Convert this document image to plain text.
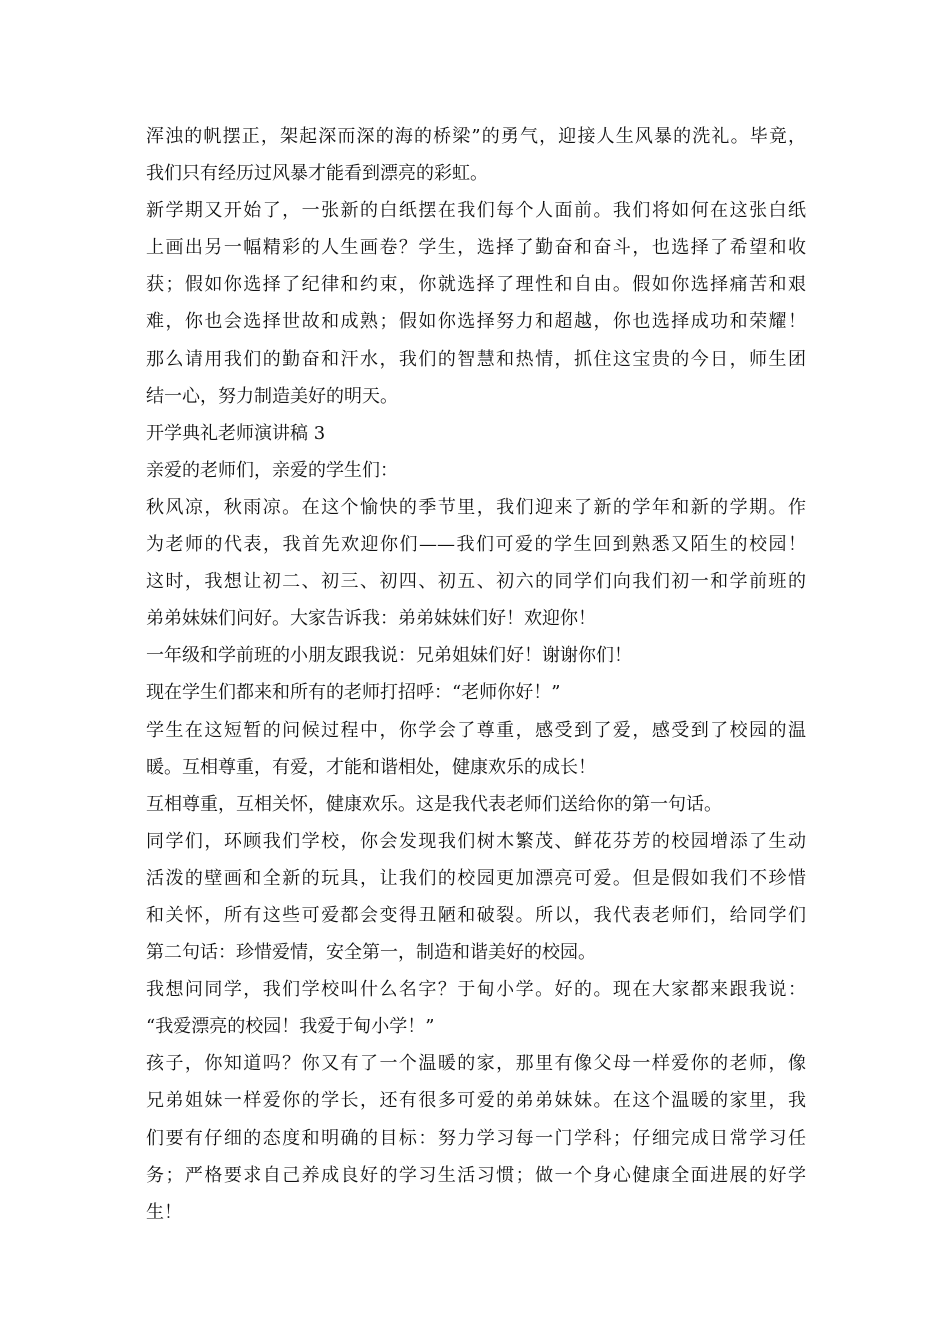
浑浊的帆摆正，架起深而深的海的桥梁”的勇气，迎接人生风暴的洗礼。毕竟，
我们只有经历过风暴才能看到漂亮的彩虹。
新学期又开始了，一张新的白纸摆在我们每个人面前。我们将如何在这张白纸
上画出另一幅精彩的人生画卷？学生，选择了勤奋和奋斗，也选择了希望和收
获；假如你选择了纪律和约束，你就选择了理性和自由。假如你选择痛苦和艰
难，你也会选择世故和成熟；假如你选择努力和超越，你也选择成功和荣耀！
那么请用我们的勤奋和汗水，我们的智慧和热情，抓住这宝贵的今日，师生团
结一心，努力制造美好的明天。
开学典礼老师演讲稿 3
亲爱的老师们，亲爱的学生们：
秋风凉，秋雨凉。在这个愉快的季节里，我们迎来了新的学年和新的学期。作
为老师的代表，我首先欢迎你们——我们可爱的学生回到熟悉又陌生的校园！
这时，我想让初二、初三、初四、初五、初六的同学们向我们初一和学前班的
弟弟妹妹们问好。大家告诉我：弟弟妹妹们好！欢迎你！
一年级和学前班的小朋友跟我说：兄弟姐妹们好！谢谢你们！
现在学生们都来和所有的老师打招呼：“老师你好！”
学生在这短暂的问候过程中，你学会了尊重，感受到了爱，感受到了校园的温
暖。互相尊重，有爱，才能和谐相处，健康欢乐的成长！
互相尊重，互相关怀，健康欢乐。这是我代表老师们送给你的第一句话。
同学们，环顾我们学校，你会发现我们树木繁茂、鲜花芬芳的校园增添了生动
活泼的壁画和全新的玩具，让我们的校园更加漂亮可爱。但是假如我们不珍惜
和关怀，所有这些可爱都会变得丑陋和破裂。所以，我代表老师们，给同学们
第二句话：珍惜爱情，安全第一，制造和谐美好的校园。
我想问同学，我们学校叫什么名字？于甸小学。好的。现在大家都来跟我说：
“我爱漂亮的校园！我爱于甸小学！”
孩子，你知道吗？你又有了一个温暖的家，那里有像父母一样爱你的老师，像
兄弟姐妹一样爱你的学长，还有很多可爱的弟弟妹妹。在这个温暖的家里，我
们要有仔细的态度和明确的目标：努力学习每一门学科；仔细完成日常学习任
务；严格要求自己养成良好的学习生活习惯；做一个身心健康全面进展的好学
生！
